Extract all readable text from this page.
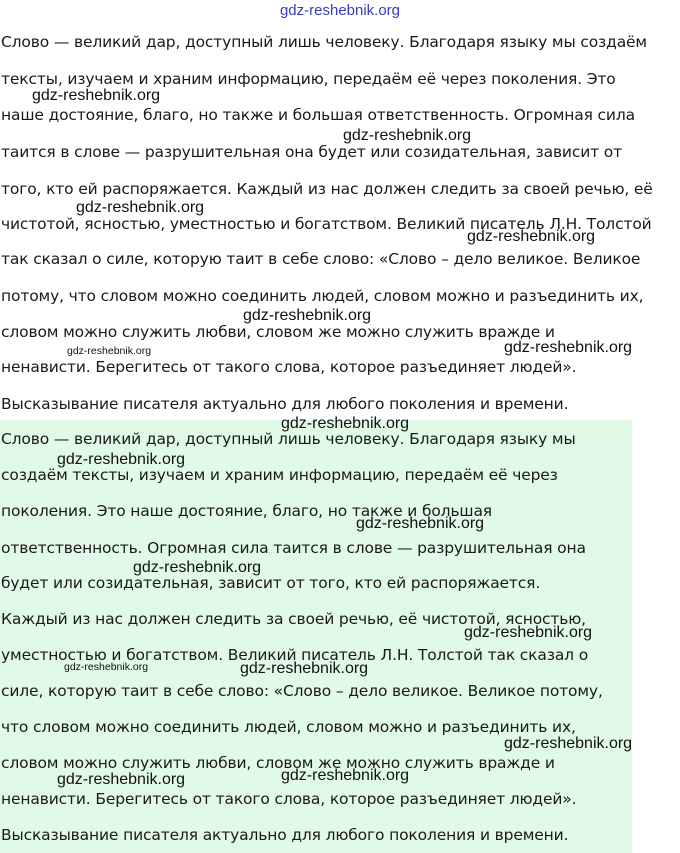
gdz-reshebnik.org
Слово — великий дар, доступный лишь человеку. Благодаря языку мы создаём
тексты, изучаем и храним информацию, передаём её через поколения. Это
наше достояние, благо, но также и большая ответственность. Огромная сила
таится в слове — разрушительная она будет или созидательная, зависит от
того, кто ей распоряжается. Каждый из нас должен следить за своей речью, её
чистотой, ясностью, уместностью и богатством. Великий писатель Л.Н. Толстой
так сказал о силе, которую таит в себе слово: «Слово – дело великое. Великое
потому, что словом можно соединить людей, словом можно и разъединить их,
словом можно служить любви, словом же можно служить вражде и
ненависти. Берегитесь от такого слова, которое разъединяет людей».
Высказывание писателя актуально для любого поколения и времени.
Слово — великий дар, доступный лишь человеку. Благодаря языку мы
создаём тексты, изучаем и храним информацию, передаём её через
поколения. Это наше достояние, благо, но также и большая
ответственность. Огромная сила таится в слове — разрушительная она
будет или созидательная, зависит от того, кто ей распоряжается.
Каждый из нас должен следить за своей речью, её чистотой, ясностью,
уместностью и богатством. Великий писатель Л.Н. Толстой так сказал о
силе, которую таит в себе слово: «Слово – дело великое. Великое потому,
что словом можно соединить людей, словом можно и разъединить их,
словом можно служить любви, словом же можно служить вражде и
ненависти. Берегитесь от такого слова, которое разъединяет людей».
Высказывание писателя актуально для любого поколения и времени.
gdz-reshebnik.org
gdz-reshebnik.org
gdz-reshebnik.org
gdz-reshebnik.org
gdz-reshebnik.org
gdz-reshebnik.org	gdz-reshebnik.org
gdz-reshebnik.org
gdz-reshebnik.org
gdz-reshebnik.org
gdz-reshebnik.org
gdz-reshebnik.org
gdz-reshebnik.org	gdz-reshebnik.org
gdz-reshebnik.org
gdz-reshebnik.org	gdz-reshebnik.org
